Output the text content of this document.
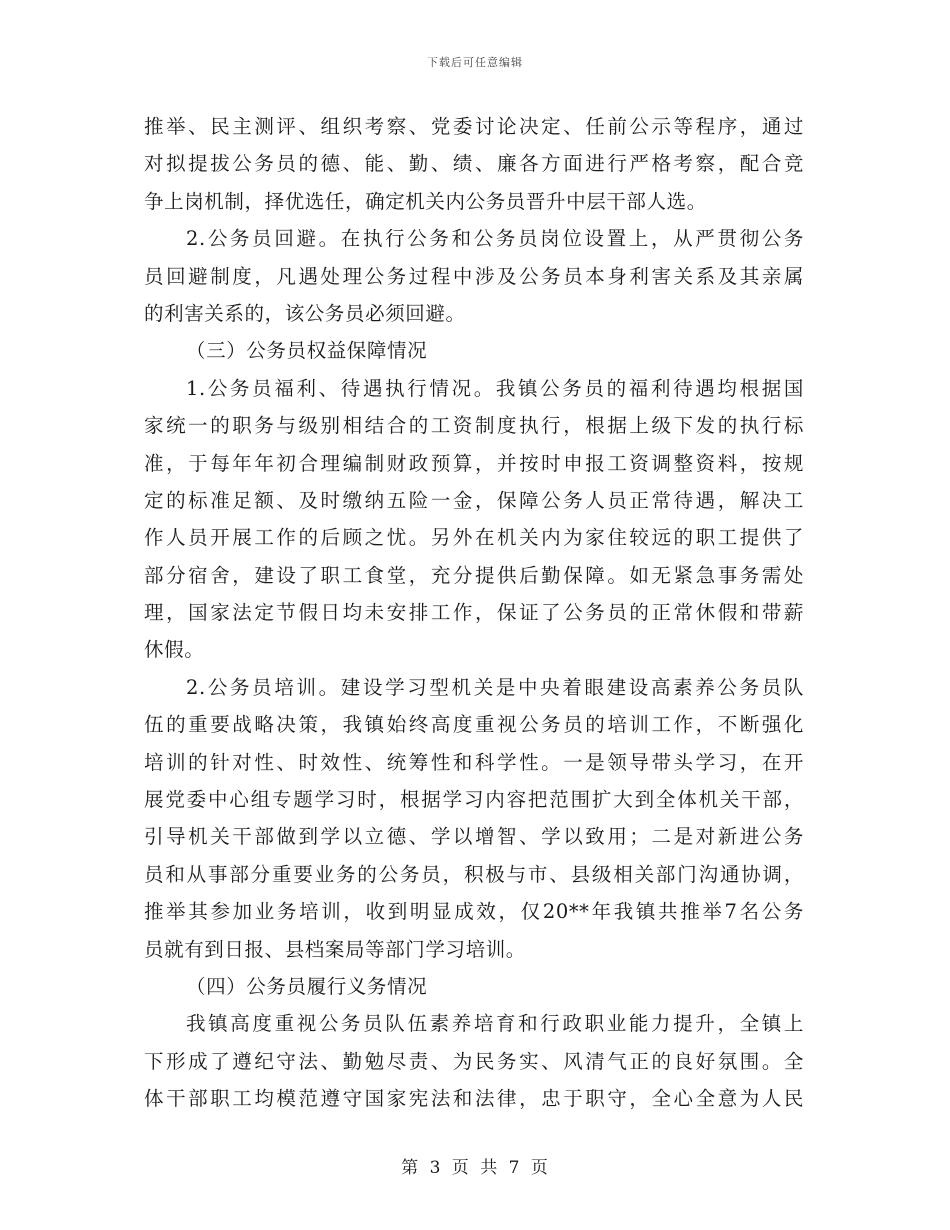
下载后可任意编辑
推举、民主测评、组织考察、党委讨论决定、任前公示等程序，通过
对拟提拔公务员的德、能、勤、绩、廉各方面进行严格考察，配合竞
争上岗机制，择优选任，确定机关内公务员晋升中层干部人选。
2.公务员回避。在执行公务和公务员岗位设置上，从严贯彻公务
员回避制度，凡遇处理公务过程中涉及公务员本身利害关系及其亲属
的利害关系的，该公务员必须回避。
（三）公务员权益保障情况
1.公务员福利、待遇执行情况。我镇公务员的福利待遇均根据国
家统一的职务与级别相结合的工资制度执行，根据上级下发的执行标
准，于每年年初合理编制财政预算，并按时申报工资调整资料，按规
定的标准足额、及时缴纳五险一金，保障公务人员正常待遇，解决工
作人员开展工作的后顾之忧。另外在机关内为家住较远的职工提供了
部分宿舍，建设了职工食堂，充分提供后勤保障。如无紧急事务需处
理，国家法定节假日均未安排工作，保证了公务员的正常休假和带薪
休假。
2.公务员培训。建设学习型机关是中央着眼建设高素养公务员队
伍的重要战略决策，我镇始终高度重视公务员的培训工作，不断强化
培训的针对性、时效性、统筹性和科学性。一是领导带头学习，在开
展党委中心组专题学习时，根据学习内容把范围扩大到全体机关干部，
引导机关干部做到学以立德、学以增智、学以致用；二是对新进公务
员和从事部分重要业务的公务员，积极与市、县级相关部门沟通协调，
推举其参加业务培训，收到明显成效，仅20**年我镇共推举7名公务
员就有到日报、县档案局等部门学习培训。
（四）公务员履行义务情况
我镇高度重视公务员队伍素养培育和行政职业能力提升，全镇上
下形成了遵纪守法、勤勉尽责、为民务实、风清气正的良好氛围。全
体干部职工均模范遵守国家宪法和法律，忠于职守，全心全意为人民
第 3 页 共 7 页
